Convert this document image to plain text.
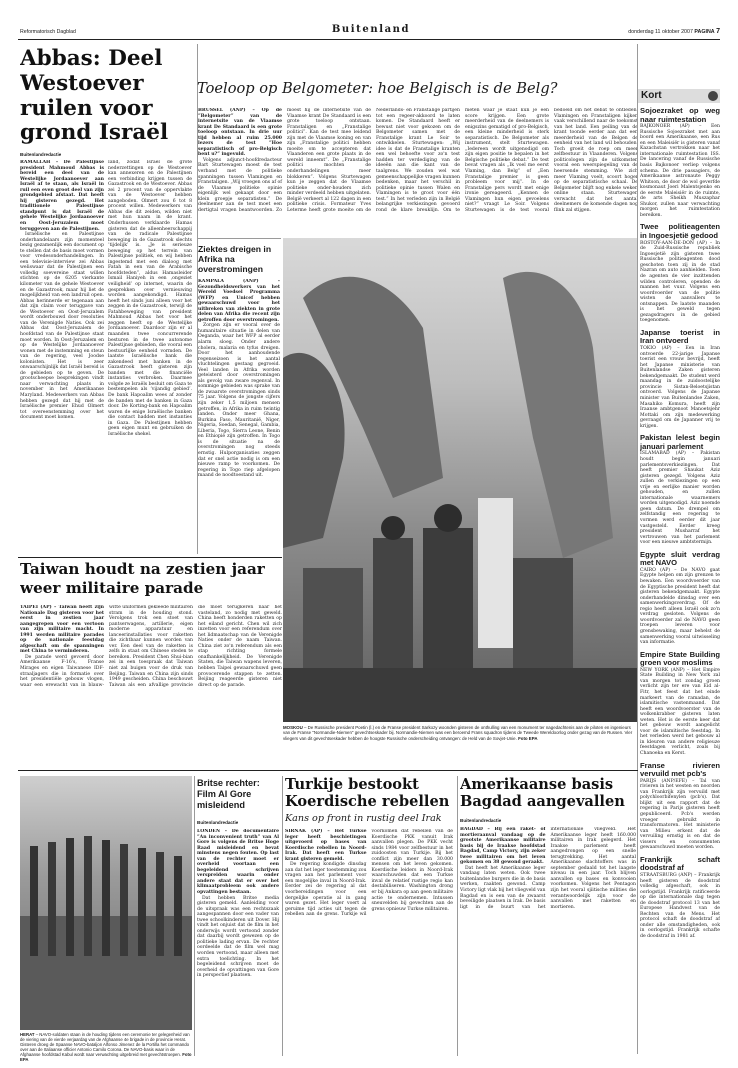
Reformatorisch Dagblad	Buitenland	donderdag 11 oktober 2007 PAGINA 7
Abbas: Deel Westoever ruilen voor grond Israël
Buitenlandredactie

RAMALLAH – De Palestijnse president Mahmoud Abbas is bereid een deel van de Westelijke Jordaanoever aan Israël af te staan, als Israël in ruil een even groot deel van zijn grondgebied afstaat. Dat heeft hij gisteren gezegd. Het traditionele Palestijnse standpunt is dat Israël de gehele Westelijke Jordaanoever en Oost-Jeruzalem moet teruggeven aan de Palestijnen.

Israëlische en Palestijnse onderhandelaars zijn momenteel bezig gezamenlijk een document op te stellen dat de basis moet vormen voor vredesonderhandelingen. In een televisie-interview zei Abbas weliswaar dat de Palestijnen een volledig soevereine staat willen stichten op de 6205 vierkante kilometer van de gehele Westoever en de Gazastrook, maar hij liet de mogelijkheid van een landruil open. Abbas herinnerde er tegenaan aan dat zijn claim voor teruggave van de Westoever en Oost-Jeruzalem wordt onderbouwd door resoluties van de Verenigde Naties. Ook zei Abbas dat Oost-Jeruzalem de hoofdstad van de Palestijnse staat moet worden. In Oost-Jeruzalem en op de Westelijke Jordaanoever wonen met de instemming en steun van de regering, veel Joodse kolonisten. Het is zeer onwaarschijnlijk dat Israël bereid is de gebieden op te geven. De grootscheepse besprekingen vindt naar verwachting plaats in november in het Amerikaanse Maryland. Medewerkers van Abbas hebben gezegd dat hij met de Israëlische premier Ehud Olmert tot overeenstemming over het document moet komen.

Iand, zodat Israël de grote nederzettingen op de Westoever kan annexeren en de Palestijnen een verbinding krijgen tussen de Gazastrook en de Westoever. Abbas zei 2 procent van de oppervlakte van de Westoever hebben aangeboden. Olmert zou 6 tot 8 procent willen. Medewerkers van Abbas die dit zeiden, wilden niet met hun naam in de krant. Onderhussen verklaarde Hamas gisteren dat de alleenheerschappij van de radicale Palestijnse beweging in de Gazastrook slechts ‘tijdelijk’ is. „Je is serieuze beweging op het terrein van Palestijnse politiek, en wij hebben ingestemd met een dialoog met Fatah in een van de Arabische hoofdsteden”, aldus Hamasleider Ismail Haniyeh in een ‚ongeziet veiligheid’ op internet, waarin de gesprekken over vernieuwing worden aangekondigd. Hamas heeft het sinds juni alleen voor het zeggen in de Gazastrook, terwijl de Fatahbeweging van president Mahmoud Abbas het voor het zeggen heeft op de Westelijke Jordaanoever. Daardoor zijn er al maanden twee concurrerende besturen in de twee autonome Palestijnse gebieden, die vooral een bestuurlijke eenheid vormden. De laatste Israëlische bank die zakendeed met banken in de Gazastrook heeft gisteren zijn banden met die financiële instanties verbroken. Daarmee volgde ze Israëls besluit om Gaza te bestempelen als ‘vijandig gebied’. De bank Hapoalim wees af zonder de banden met de banken in Gaza door. De Korting-bank en Hapoalim waren de enige Israëlische banken die contact hadden met instanties in Gaza. De Palestijnen hebben geen eigen munt en gebruiken de Israëlische shekel.

Toeloop op Belgometer: hoe Belgisch is de Belg?

BRUSSEL (ANP) – Op de ”Belgometer” van de internetsite van de Vlaamse krant De Standaard is een grote toeloop ontstaan. In drie uur tijd hebben al ruim 25.000 lezers de test ”Hoe separatistisch of pro-Belgisch bent u?” ingevuld.

Volgens adjunct-hoofdredacteur Bart Sturtewagen moest de test verband met de politieke spanningen tussen Vlamingen en Franstaligen. „Wij vroegen ons af of de Vlaamse politieke opinie eigenlijk wel gekaapt door een klein groepje separatisten.” De deelnemer aan de test moet een dertigtal vragen beantwoorden. Zo moest hij de internetsite van de Vlaamse krant De Standaard is een grote toeloop ontstaan. Franstaligen en „Franstalige politici”. Kan de test mee leidend zijn met de Vlaamse koning en van zijn „Franstalige politici hebben moeite om te accepteren dat Vlaanderen een grote plaats in de wereld inneemt”. De „Franstalige politici mochten de onderhandelingen meer blokkeren”. Volgens Sturtewagen kun je zeggen dat de Vlaamse politieke onder-houders zich minder verdeeld hebben uitgelaten. België verkeert al 122 dagen in een politieke crisis. Formateur Yves Leterme heeft grote moeite om de Nederlands- en Franstalige partijen tot een regeer-akkoord te laten komen. De Standaard heeft er bewust niet voor gekozen om de Belgometer samen met de Franstalige krant Le Soir te ontwikkelen. Sturtewagen: „Wij idee is dat de Franstalige kranten een wel behoefte voor zo'n test hadden ter verdediging van de ideeën aan die kant van de taalgrens. We zouden wel wat gemeenschappelijke vragen kunnen bedenken, maar het verschil in politieke opinie tussen Walen en Vlamingen is te groot voor één test.” In het verleden zijn in België belangrijke verkiezingen gevoerd rond de klare breuklijn. Om te meten waar je staat kun je een score krijgen. Een grote meerderheid van de deelnemers is enigszins gematigd of pro-Belgisch, een kleine minderheid is sterk separatistisch. De Belgometer als instrument, stelt Sturtewagen. „Iedereen wordt uitgenodigd om zijn eigen positie te bepalen in het Belgische politieke debat.” De test bevat vragen als „Ik voel me eerst Vlaming, dan Belg” of „Een Franstalige premier is geen probleem voor mij”. In de Franstalige pers wordt met enige ironie gereageerd. „Kennen de Vlamingen hun eigen gevoelens niet?” vraagt Le Soir. Volgens Sturtewagen is de test vooral bedoeld om het debat te ontleden. Vlamingen en Franstaligen kijken vaak verschillend naar de toekomst van het land. Een peiling van de krant toonde eerder aan dat een meerderheid van de Belgen de eenheid van het land wil behouden. Toch groeit de roep om meer zelfbestuur in Vlaanderen. Volgens politicologen zijn de uitkomsten vooral een weerspiegeling van de heersende stemming. Wie zich meer Vlaming voelt, scoort hoger op de separatistische schaal. De Belgometer blijft nog enkele weken online staan. Sturtewagen verwacht dat het aantal deelnemers de komende dagen nog flink zal stijgen.

Kort
Sojoezraket op weg naar ruimtestation

BAJKONOER (AP) – Een Russische Sojoezraket met aan boord een Amerikaanse, een Rus en een Maleisiër is gisteren vanaf Kazachstan vertrokken naar het internationale ruimtestation ISS. De lancering vanaf de Russische basis Bajkonoer verliep volgens schema. De drie passagiers, de Amerikaanse astronaute Peggy Whitson, de door de wol geverfde kosmonaut Joeri Malentsjenko en de eerste Maleisiër in de ruimte, de arts Sheikh Muszaphar Shukor, zullen naar verwachting morgen het ruimtestation bereiken.

Twee politieagenten in Ingoesjetië gedood

ROSTOV-AAN-DE-DON (AP) – In de Zuid-Russische republiek Ingoesjetië zijn gisteren twee Russische politieagenten dood geschoten toen zij in de stad Nazran om auto aanhielden. Toen de agenten de vier inzittenden wilden controleren, openden de mannen het vuur. Volgens een woordvoerder van de politie wisten de aanvallers te ontsnappen. De laatste maanden is het geweld tegen gezagsdragers in de gebied toegenomen.

Japanse toerist in Iran ontvoerd

TOKIO (AP) – Een in Iran ontvoerde 22-jarige Japanse toerist een vrouw bevrijd, heeft het Japanse ministerie van Buitenlandse Zaken gisteren bekendgemaakt. De student werd maandag in de zuidoostelijke provincie Sistan-Beloetsjistan ontvoerd. Volgens de Japanse minister van Buitenlandse Zaken, Masahiko Komura, heeft zijn Iraanse ambtgenoot Manoetsjehr Mottaki om zijn medewerking gevraagd om de Japanner vrij te krijgen.

Pakistan lelest begin januari parlement

ISLAMABAD (AP) – Pakistan houdt begin januari parlementsverkiezingen. Dat heeft premier Shaukat Aziz gisteren gezegd. Volgens Aziz zullen de verkiezingen op een vrije en eerlijke manier worden gehouden, en zullen internationale waarnemers worden uitgenodigd. Aziz noemde geen datum. De drempel om zelfstandig een regering te vormen werd eerder dit jaar vastgesteld. Eerder kreeg president Musharraf het vertrouwen van het parlement voor een nieuwe ambtstermijn.

Egypte sluit verdrag met NAVO

CAIRO (AP) – De NAVO gaat Egypte helpen om zijn grenzen te bewaken. Een woordvoerder van de Egyptische president heeft dat gisteren bekendgemaakt. Egypte onderhandelde dinsdag over een samenwerkingsverdrag. Of de regio heeft alleen Israël ook zo'n verdrag gesloten. Volgens de woordvoerder zal de NAVO geen troepen leveren voor grensbewaking, maar behelst de samenwerking vooral uitwisseling van informatie.

Empire State Building groen voor moslims

NEW YORK (ANP) – Het Empire State Building in New York zal van morgen tot zondag groen verlicht zijn ter ere van Eid al-Fitr, het feest dat het einde markeert van de ramadan, de islamitische vastenmaand. Dat heeft een woordvoerster van de wolkenkrabber gisteren laten weten. Het is de eerste keer dat het gebouw wordt aangelicht voor de islamitische feestdag. In het verleden werd het gebouw al in kleuren van andere religieuze feestdagen verlicht, zoals bij Chanoeka en Kerst.

Franse rivieren vervuild met pcb's

PARIJS (ANP/EFE) – Tal van rivieren in het westen en noorden van Frankrijk zijn vervuild met polychloorbifenylen (pcb's). Dat blijkt uit een rapport dat de regering in Parijs gisteren heeft gepubliceerd. Pcb's werden vroeger gebruikt in transformatoren. Het ministerie van Milieu erkent dat de vervuiling ernstig is en dat de vissers en consumenten gewaarschuwd moeten worden.

Frankrijk schaft doodstraf af

STRAATSBURG (ANP) – Frankrijk heeft gisteren de doodstraf volledig afgeschaft, ook in oorlogstijd. Frankrijk ratificeerde op die internationale dag tegen de doodstraf protocol 13 van het Europese Handvest van de Rechten van de Mens. Het protocol schaft de doodstraf af onder alle omstandigheden, ook in oorlogstijd. Frankrijk schafte de doodstraf in 1981 af.

Ziektes dreigen in Afrika na overstromingen

KAMPALA (ANP) – Gezondheidswerkers van het Wereld Voedsel Programma (WFP) en Unicef hebben gewaarschuwd voor het uitbreken van ziekten in grote delen van Afrika die recent zijn getroffen door overstromingen.

Zorgen zijn er vooral over de humanitaire situatie in delen van Oeganda, waar het WFP al eerder alarm sloeg. Onder andere cholera, malaria en tyfus dreigen. Door het aanhoudende regenseizoen is het aantal vluchtelingen gestaag gegroeid. Veel landen in Afrika worden geteisterd door overstromingen als gevolg van zware regenval. In sommige gebieden was sprake van de zwaarste overstromingen sinds 75 jaar. Volgens de jongste cijfers zijn zeker 1,5 miljoen mensen getroffen, in Afrika in ruim twintig landen. Onder meer Ghana, Burkina Faso, Mauritanië, Niger, Nigeria, Soedan, Senegal, Gambia, Liberia, Togo, Sierra Leone, Benin en Ethiopië zijn getroffen. In Togo is de situatie na de overstromingen nog steeds ernstig. Hulporganisaties zeggen dat er snel actie nodig is om een nieuwe ramp te voorkomen. De regering in Togo riep afgelopen maand de noodtoestand uit.

MOSKOU – De Russische president Poetin (l.) en de Franse president Sarkozy woonden gisteren de onthulling van een monument ter nagedachtenis aan de piloten en ingenieurs van de Franse "Normandie-Niemen" gevechtseskader bij. Normandie-Niemen was een beroemd Frans squadron tijdens de Tweede Wereldoorlog onder gezag van de Russen. Vier vliegers van dit gevechtseskader hebben de hoogste Russische onderscheiding ontvangen: de Held van de Sovjet-Unie. Foto EPA
Taiwan houdt na zestien jaar weer militaire parade

TAIPEI (AP) – Taiwan heeft zijn Nationale Dag gisteren voor het eerst in zestien jaar aangegrepen voor een vertoon van zijn militaire macht. In 1991 werden militaire parades op de nationale feestdag afgeschaft om de spanningen met China te verminderen.

De parade werd gevoerd door Amerikaanse F-16's, Franse Mirages en eigen Taiwanese IDF-straaljagers die in formatie over het presidentiële gebouw vlogen, waar een erewacht van in blauw-witte uniformen gekleede militairen stram in de houding stond. Verolgens trok een stoet van pantserwagens, artillerie, eigen moderne apparatuur en lanceerinstallaties voor raketten die zichtbaar kunnen worden van ver. Een deel van de raketten is zelfs in staat om Chinese steden te bereiken. President Chen Shui-bian zei in een toespraak dat Taiwan niet zal buigen voor de druk van Beijing. Taiwan en China zijn sinds 1949 gescheiden. China beschouwt Taiwan als een afvallige provincie die moet terugkeren naar het vasteland, zo nodig met geweld. China heeft honderden raketten op het eiland gericht. Chen wil zich inzetten voor een referendum over het lidmaatschap van de Verenigde Naties onder de naam Taiwan. China ziet zo'n referendum als een stap richting formele onafhankelijkheid. De Verenigde Staten, die Taiwan wapens leveren, hebben Taipei gewaarschuwd geen provocerende stappen te zetten. Beijing reageerde gisteren niet direct op de parade.

HERAT – NAVO-soldaten staan in de houding tijdens een ceremonie ter gelegenheid van de viering van de vierde verjaardag van de Afghaanse 4e brigade in de provincie Herat. Gisteren droeg de Spaanse NAVO-bataljon Alfonso Jimenez de la Portilla het commando over aan de Italiaanse officier Antonio Camilo Corona. De NAVO-basis waar in de Afghaanse hoofdstad Kabul wordt naar verwachting uitgebreid met gevechtstroepen. Foto EPA
Britse rechter: Film Al Gore misleidend
Buitenlandredactie

LONDEN – De documentaire ”An inconvenient truth” van Al Gore is volgens de Britse Hoge Raad misleidend en bevat minstens negen fouten. Op last van de rechter moet er overheid voortaan een begeleidend schrijven verspreiden waarin onder andere staat dat er over het klimaatprobleem ook andere opvattingen bestaan.

Dat hebben Britse media gisteren gemeld. Aanleiding voor de uitspraak was een rechtszaak aangespannen door een vader van twee schoolkinderen uit Dover. Hij vindt het onjuist dat de film in het onderwijs wordt vertoond zonder dat daarbij wordt gewezen op de politieke lading ervan. De rechter oordeelde dat de film wel mag worden vertoond, maar alleen met extra toelichting. In het begeleidend schrijven moet de overheid de opvattingen van Gore in perspectief plaatsen.

Turkije bestookt Koerdische rebellen
Kans op front in rustig deel Irak

SIRNAK (AP) – Het Turkse leger heeft beschietingen uitgevoerd op bases van Koerdische rebellen in Noord-Irak. Dat heeft een Turkse krant gisteren gemeld.

De regering kondigde dinsdag aan dat het leger toestemming zou vragen aan het parlement voor een mogelijke inval in Noord-Irak. Eerder zei de regering al dat voorbereidingen voor een dergelijke operatie al in gang waren gezet. Het leger voert al geruime tijd acties uit tegen de rebellen aan de grens. Turkije wil voorkomen dat rebellen van de Koerdische PKK vanuit Irak aanvallen plegen. De PKK vecht sinds 1984 voor zelfbestuur in het zuidoosten van Turkije. Bij het conflict zijn meer dan 30.000 mensen om het leven gekomen. Koerdische leiders in Noord-Irak waarschuwden dat een Turkse inval de relatief rustige regio kan destabiliseren. Washington drong er bij Ankara op aan geen militaire actie te ondernemen. Intussen sneuvelden bij gevechten aan de grens opnieuw Turkse militairen.

Amerikaanse basis Bagdad aangevallen
Buitenlandredactie

BAGDAD – Bij een raket- of mortieraanval vandaag op de grootste Amerikaanse militaire basis bij de Iraakse hoofdstad Bagdad, Camp Victory, zijn zeker twee militairen om het leven gekomen en 38 gewond geraakt.

Dat heeft het Amerikaanse leger vandaag laten weten. Ook twee buitenlandse burgers die in de basis werken, raakten gewond. Camp Victory ligt vlak bij het vliegveld van Bagdad en is een van de zwaarst beveiligde plaatsen in Irak. De basis ligt in de buurt van het internationale vliegveld. Het Amerikaanse leger heeft 160.000 militairen in Irak gelegerd. Het Iraakse parlement heeft aangedrongen op een snelle terugtrekking. Het aantal Amerikaanse slachtoffers was in september gedaald tot het laagste niveau in een jaar. Toch blijven aanvallen op bases en konvooien voorkomen. Volgens het Pentagon zijn het vooral sjiitische milities die verantwoordelijk zijn voor de aanvallen met raketten en mortieren.
